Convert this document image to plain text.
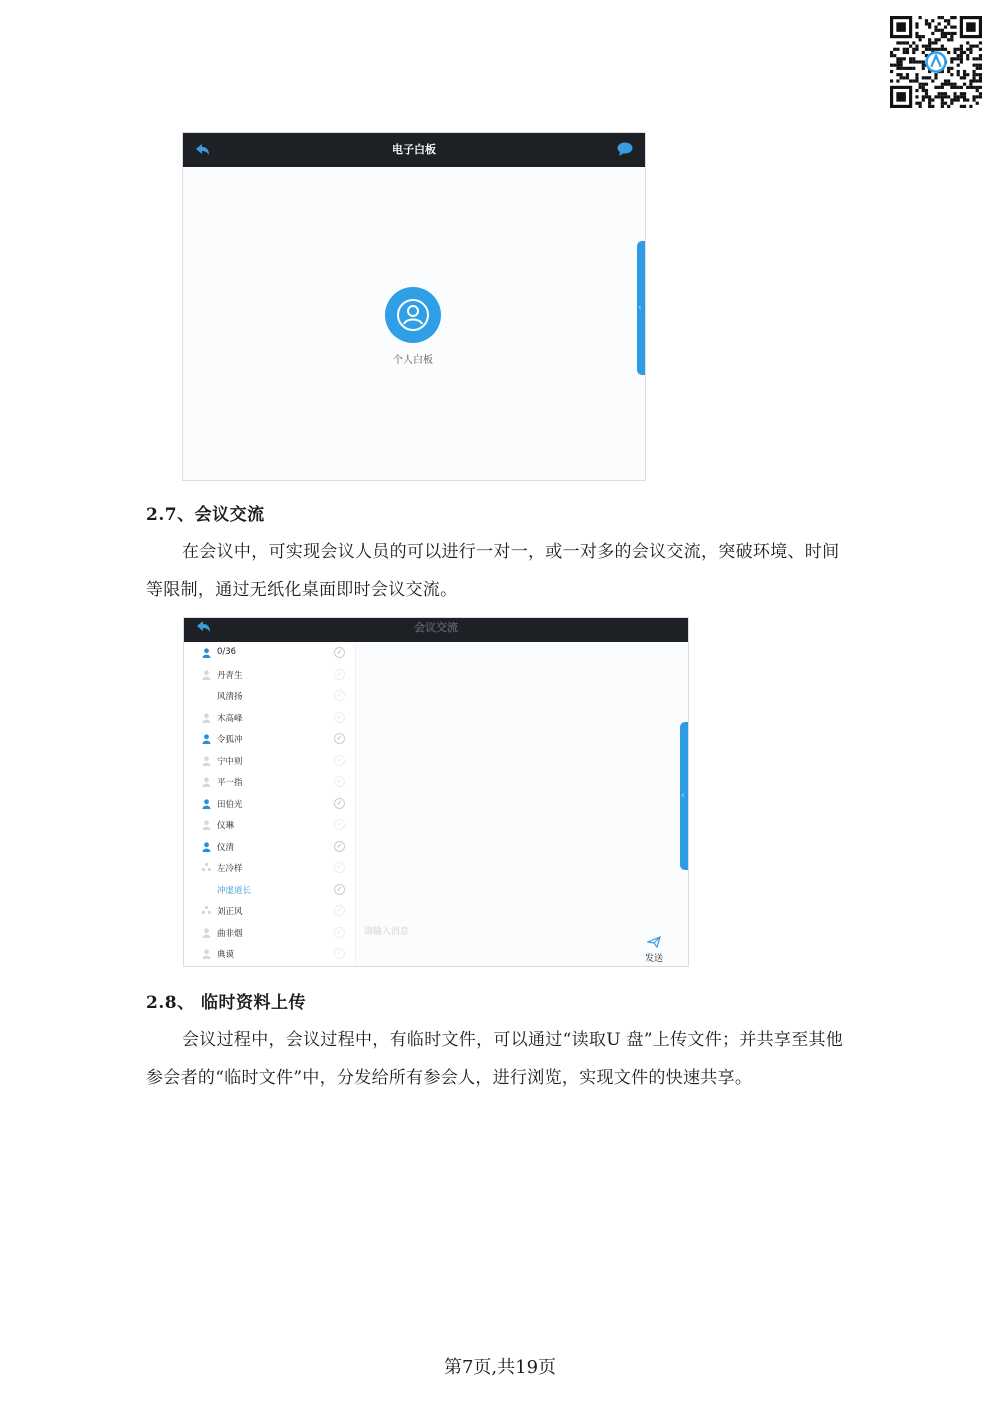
电子白板
‹
个人白板
2.7、会议交流
在会议中，可实现会议人员的可以进行一对一，或一对多的会议交流，突破环境、时间等限制，通过无纸化桌面即时会议交流。
会议交流
0/36	✓
丹青生	✓
风清扬	✓
木高峰	✓
令狐冲	✓
宁中则	✓
平一指	✓
田伯光	✓
仪琳	✓
仪清	✓
左冷样	✓
冲虚道长	✓
刘正风	✓
曲非烟	✓
典谟	✓
‹
请输入消息
发送
2.8、 临时资料上传
会议过程中，会议过程中，有临时文件，可以通过“读取U 盘”上传文件；并共享至其他参会者的“临时文件”中，分发给所有参会人，进行浏览，实现文件的快速共享。
第7页,共19页
